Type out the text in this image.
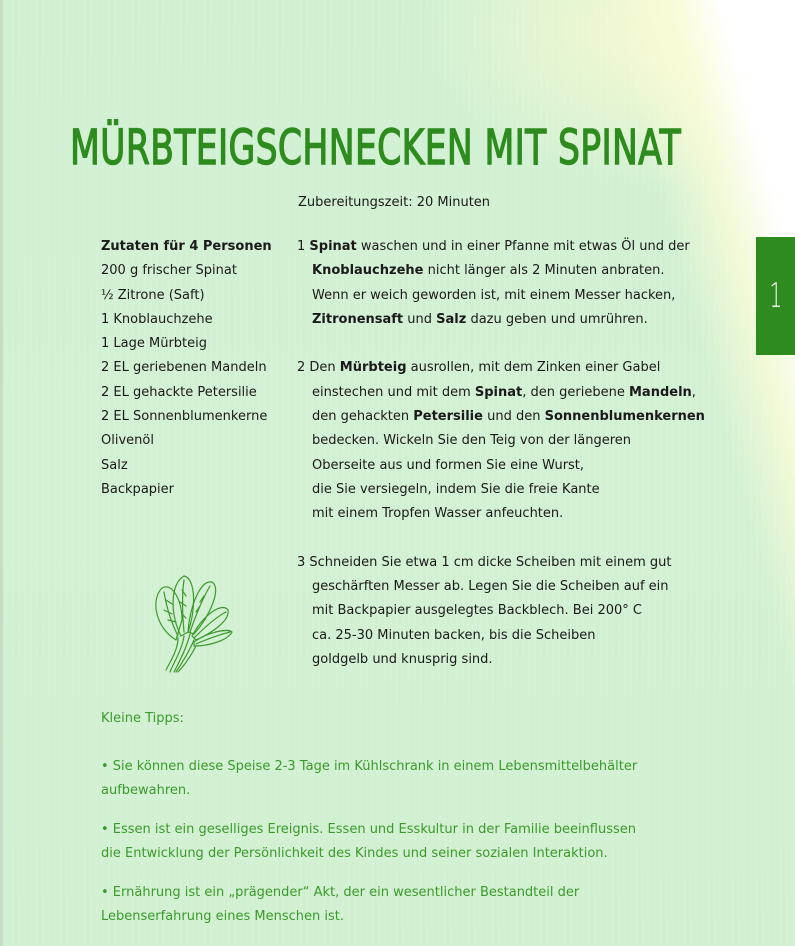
MÜRBTEIGSCHNECKEN MIT SPINAT
Zubereitungszeit: 20 Minuten
Zutaten für 4 Personen
200 g frischer Spinat
½ Zitrone (Saft)
1 Knoblauchzehe
1 Lage Mürbteig
2 EL geriebenen Mandeln
2 EL gehackte Petersilie
2 EL Sonnenblumenkerne
Olivenöl
Salz
Backpapier
1 Spinat waschen und in einer Pfanne mit etwas Öl und der
Knoblauchzehe nicht länger als 2 Minuten anbraten.
Wenn er weich geworden ist, mit einem Messer hacken,
Zitronensaft und Salz dazu geben und umrühren.
2 Den Mürbteig ausrollen, mit dem Zinken einer Gabel
einstechen und mit dem Spinat, den geriebene Mandeln,
den gehackten Petersilie und den Sonnenblumenkernen
bedecken. Wickeln Sie den Teig von der längeren
Oberseite aus und formen Sie eine Wurst,
die Sie versiegeln, indem Sie die freie Kante
mit einem Tropfen Wasser anfeuchten.
3 Schneiden Sie etwa 1 cm dicke Scheiben mit einem gut
geschärften Messer ab. Legen Sie die Scheiben auf ein
mit Backpapier ausgelegtes Backblech. Bei 200° C
ca. 25-30 Minuten backen, bis die Scheiben
goldgelb und knusprig sind.
1
Kleine Tipps:
• Sie können diese Speise 2-3 Tage im Kühlschrank in einem Lebensmittelbehälter
aufbewahren.
• Essen ist ein geselliges Ereignis. Essen und Esskultur in der Familie beeinflussen
die Entwicklung der Persönlichkeit des Kindes und seiner sozialen Interaktion.
• Ernährung ist ein „prägender“ Akt, der ein wesentlicher Bestandteil der
Lebenserfahrung eines Menschen ist.
